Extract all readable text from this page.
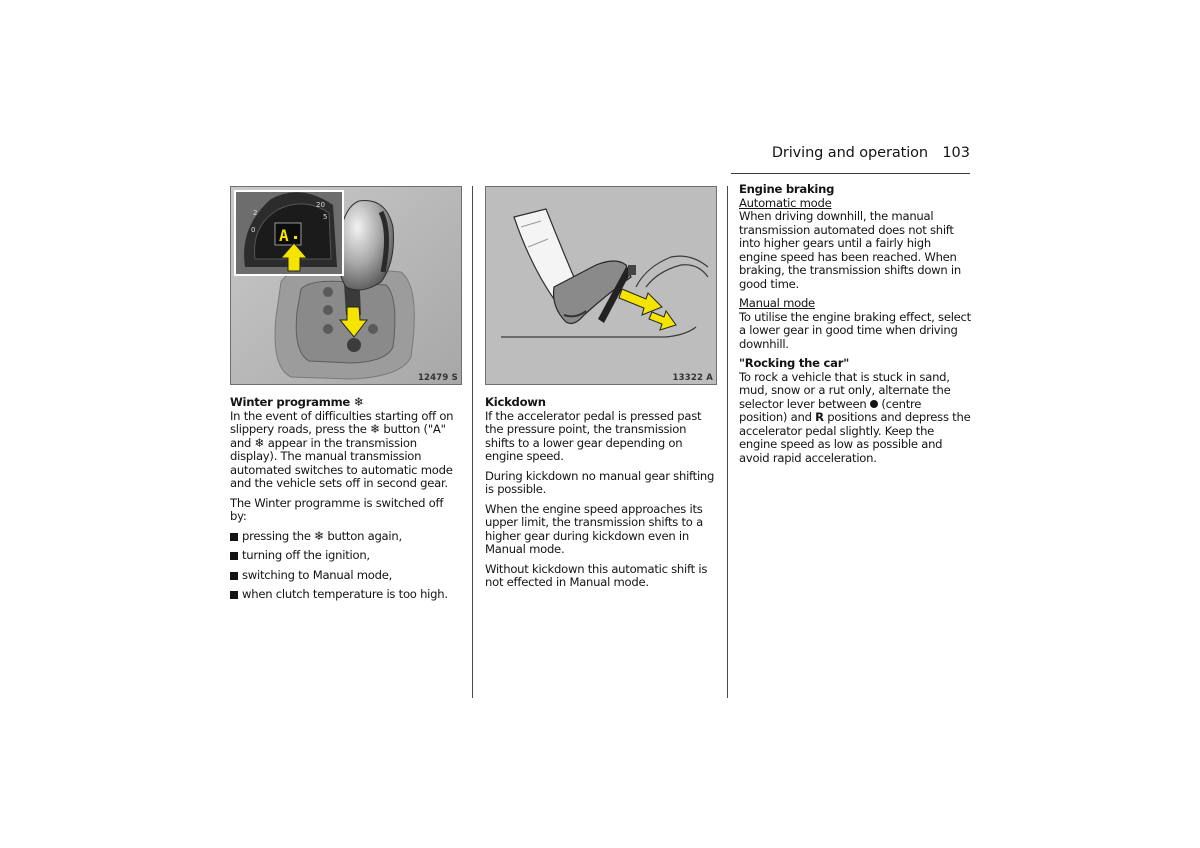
Driving and operation 103
2
20
5
0 A
12479 S	13322 A

Winter programme ❄

In the event of difficulties starting off on slippery roads, press the ❄ button ("A" and ❄ appear in the transmission display). The manual transmission automated switches to automatic mode and the vehicle sets off in second gear.

The Winter programme is switched off by:

pressing the ❄ button again,
turning off the ignition,
switching to Manual mode,
when clutch temperature is too high.

Kickdown

If the accelerator pedal is pressed past the pressure point, the transmission shifts to a lower gear depending on engine speed.

During kickdown no manual gear shifting is possible.

When the engine speed approaches its upper limit, the transmission shifts to a higher gear during kickdown even in Manual mode.

Without kickdown this automatic shift is not effected in Manual mode.

Engine braking

Automatic mode

When driving downhill, the manual transmission automated does not shift into higher gears until a fairly high engine speed has been reached. When braking, the transmission shifts down in good time.

Manual mode

To utilise the engine braking effect, select a lower gear in good time when driving downhill.

"Rocking the car"

To rock a vehicle that is stuck in sand, mud, snow or a rut only, alternate the selector lever between (centre position) and R positions and depress the accelerator pedal slightly. Keep the engine speed as low as possible and avoid rapid acceleration.
